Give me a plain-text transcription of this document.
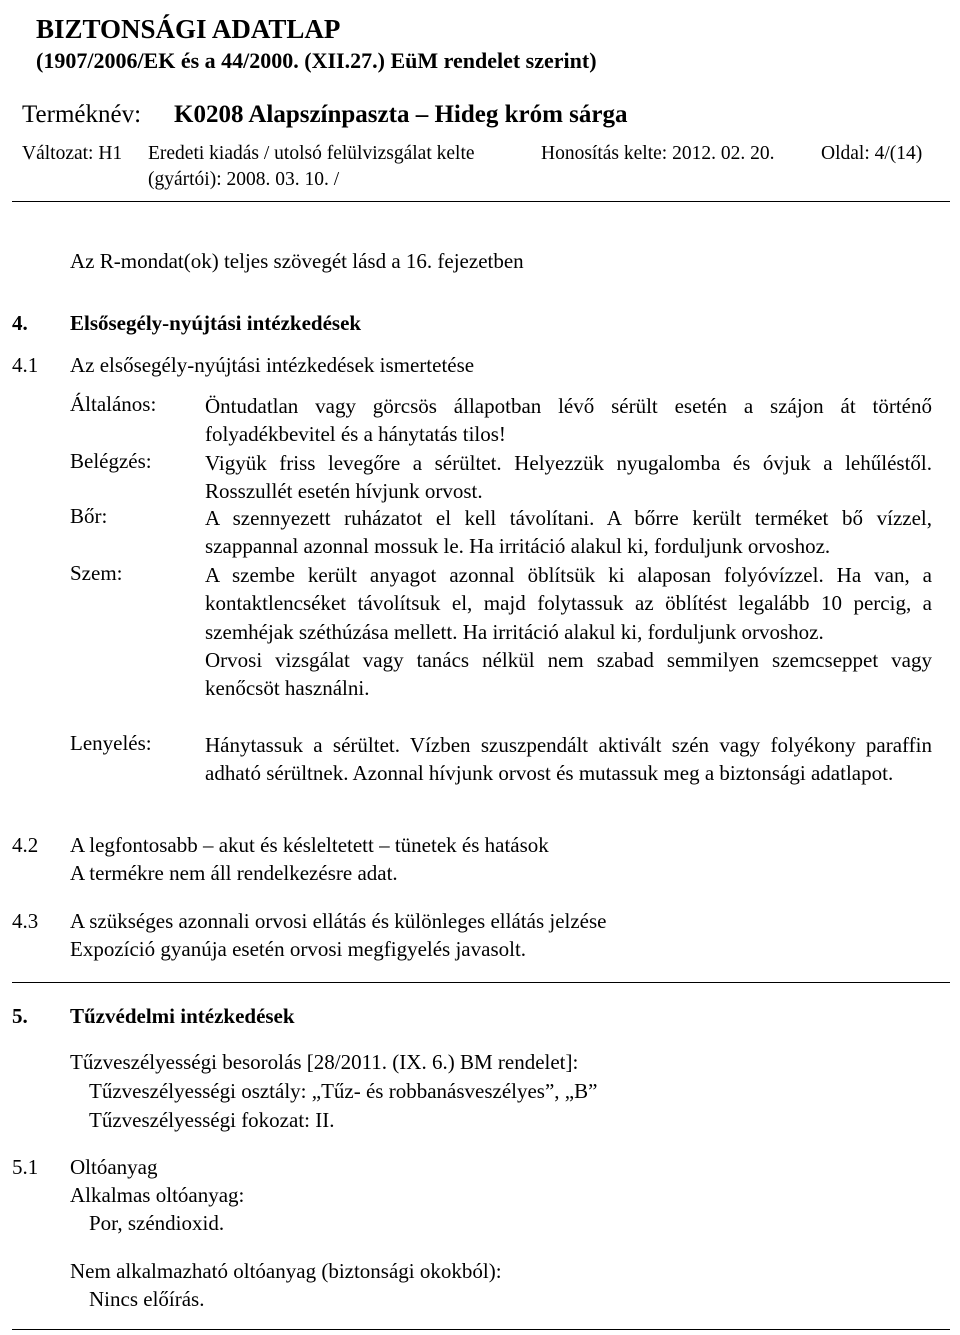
BIZTONSÁGI ADATLAP
(1907/2006/EK és a 44/2000. (XII.27.) EüM rendelet szerint)
Terméknév: K0208 Alapszínpaszta – Hideg króm sárga
Változat: H1 Eredeti kiadás / utolsó felülvizsgálat kelte
(gyártói): 2008. 03. 10. /
Honosítás kelte: 2012. 02. 20. Oldal: 4/(14)
Az R-mondat(ok) teljes szövegét lásd a 16. fejezetben
4. Elsősegély-nyújtási intézkedések
4.1 Az elsősegély-nyújtási intézkedések ismertetése
Általános: Öntudatlan vagy görcsös állapotban lévő sérült esetén a szájon át történő folyadékbevitel és a hánytatás tilos!
Belégzés:	Vigyük friss levegőre a sérültet. Helyezzük nyugalomba és óvjuk a lehűléstől. Rosszullét esetén hívjunk orvost.
Bőr:	A szennyezett ruházatot el kell távolítani. A bőrre került terméket bő vízzel, szappannal azonnal mossuk le. Ha irritáció alakul ki, forduljunk orvoshoz.
Szem:	A szembe került anyagot azonnal öblítsük ki alaposan folyóvízzel. Ha van, a kontaktlencséket távolítsuk el, majd folytassuk az öblítést legalább 10 percig, a szemhéjak széthúzása mellett. Ha irritáció alakul ki, forduljunk orvoshoz.

Orvosi vizsgálat vagy tanács nélkül nem szabad semmilyen szemcseppet vagy kenőcsöt használni.

Lenyelés:	Hánytassuk a sérültet. Vízben szuszpendált aktivált szén vagy folyékony paraffin adható sérültnek. Azonnal hívjunk orvost és mutassuk meg a biztonsági adatlapot.
4.2 A legfontosabb – akut és késleltetett – tünetek és hatások
A termékre nem áll rendelkezésre adat.
4.3 A szükséges azonnali orvosi ellátás és különleges ellátás jelzése
Expozíció gyanúja esetén orvosi megfigyelés javasolt.
5. Tűzvédelmi intézkedések
Tűzveszélyességi besorolás [28/2011. (IX. 6.) BM rendelet]:
Tűzveszélyességi osztály: „Tűz- és robbanásveszélyes”, „B”
Tűzveszélyességi fokozat: II.
5.1 Oltóanyag
Alkalmas oltóanyag:
Por, széndioxid.
Nem alkalmazható oltóanyag (biztonsági okokból):
Nincs előírás.
